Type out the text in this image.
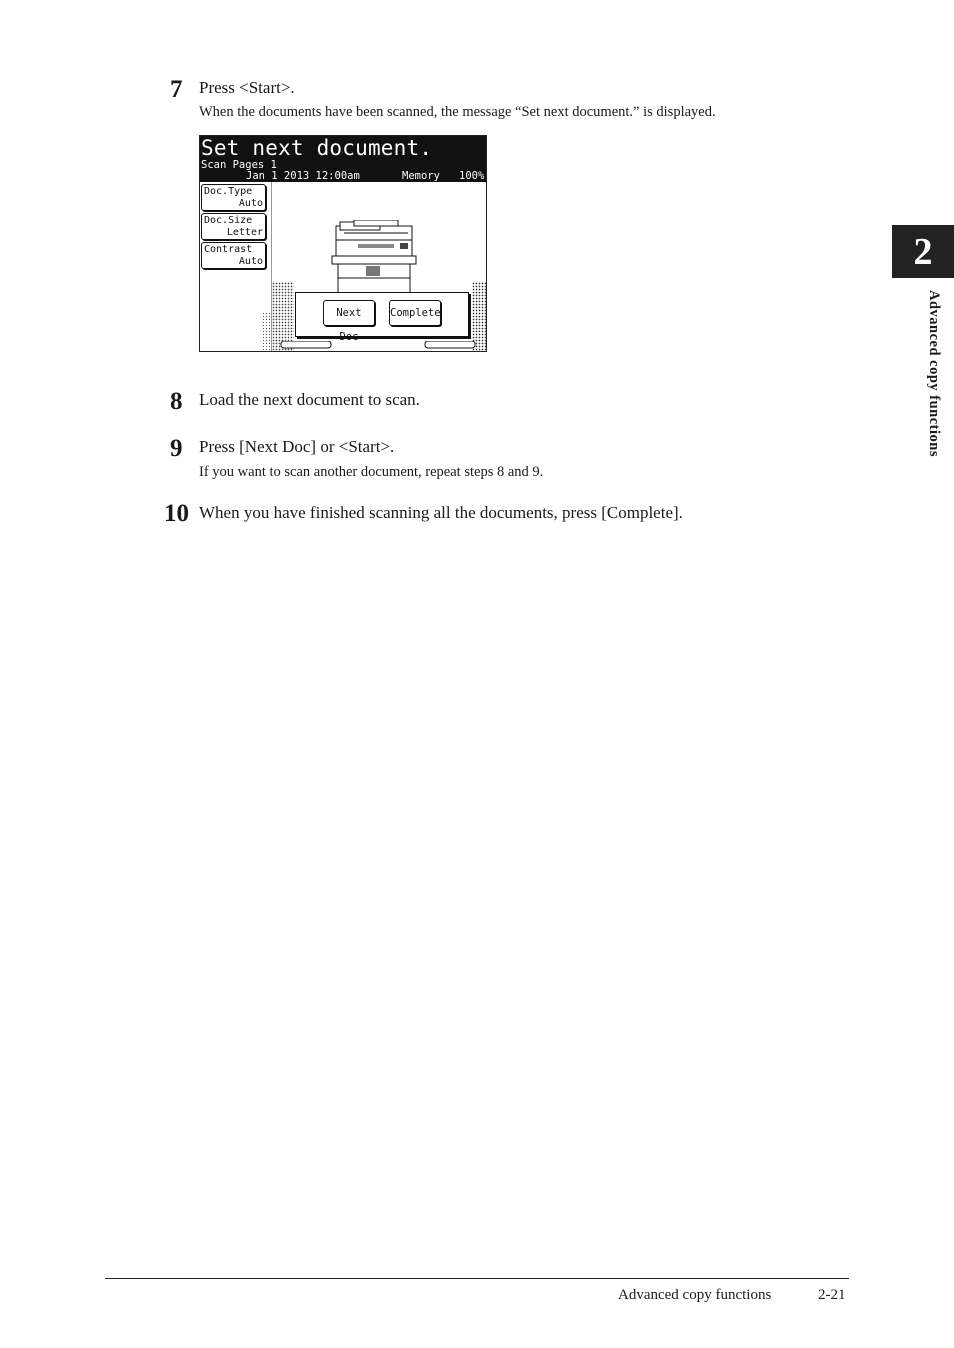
2
Advanced copy functions
7 Press <Start>.
When the documents have been scanned, the message “Set next document.” is displayed.
Set next document.
Scan Pages 1
Jan 1 2013 12:00am	Memory 100%
Doc.Type
Auto
Doc.Size
Letter
Contrast
Auto
Next Doc
Complete
8 Load the next document to scan.
9 Press [Next Doc] or <Start>.
If you want to scan another document, repeat steps 8 and 9.
10 When you have finished scanning all the documents, press [Complete].
Advanced copy functions	2-21
